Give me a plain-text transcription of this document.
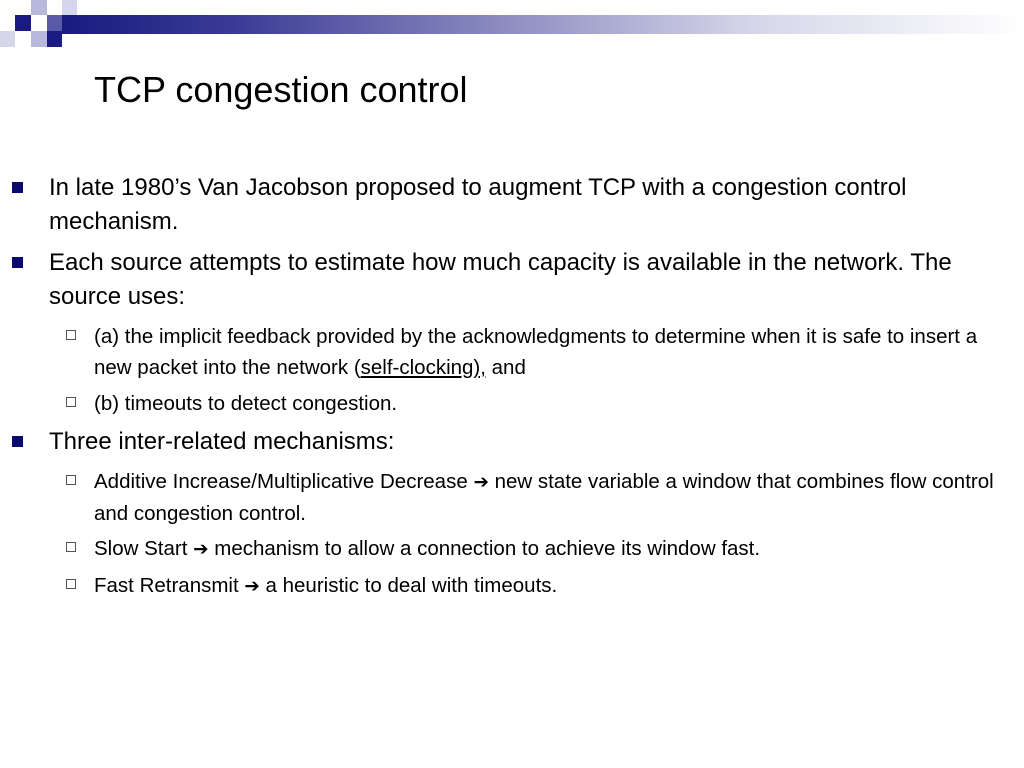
TCP congestion control
In late 1980’s Van Jacobson proposed to augment TCP with a congestion control mechanism.
Each source attempts to estimate how much capacity is available in the network. The source uses:
(a) the implicit feedback provided by the acknowledgments to determine when it is safe to insert a new packet into the network (self-clocking), and
(b) timeouts to detect congestion.
Three inter-related mechanisms:
Additive Increase/Multiplicative Decrease ➔ new state variable a window that combines flow control and congestion control.
Slow Start ➔ mechanism to allow a connection to achieve its window fast.
Fast Retransmit ➔ a heuristic to deal with timeouts.
